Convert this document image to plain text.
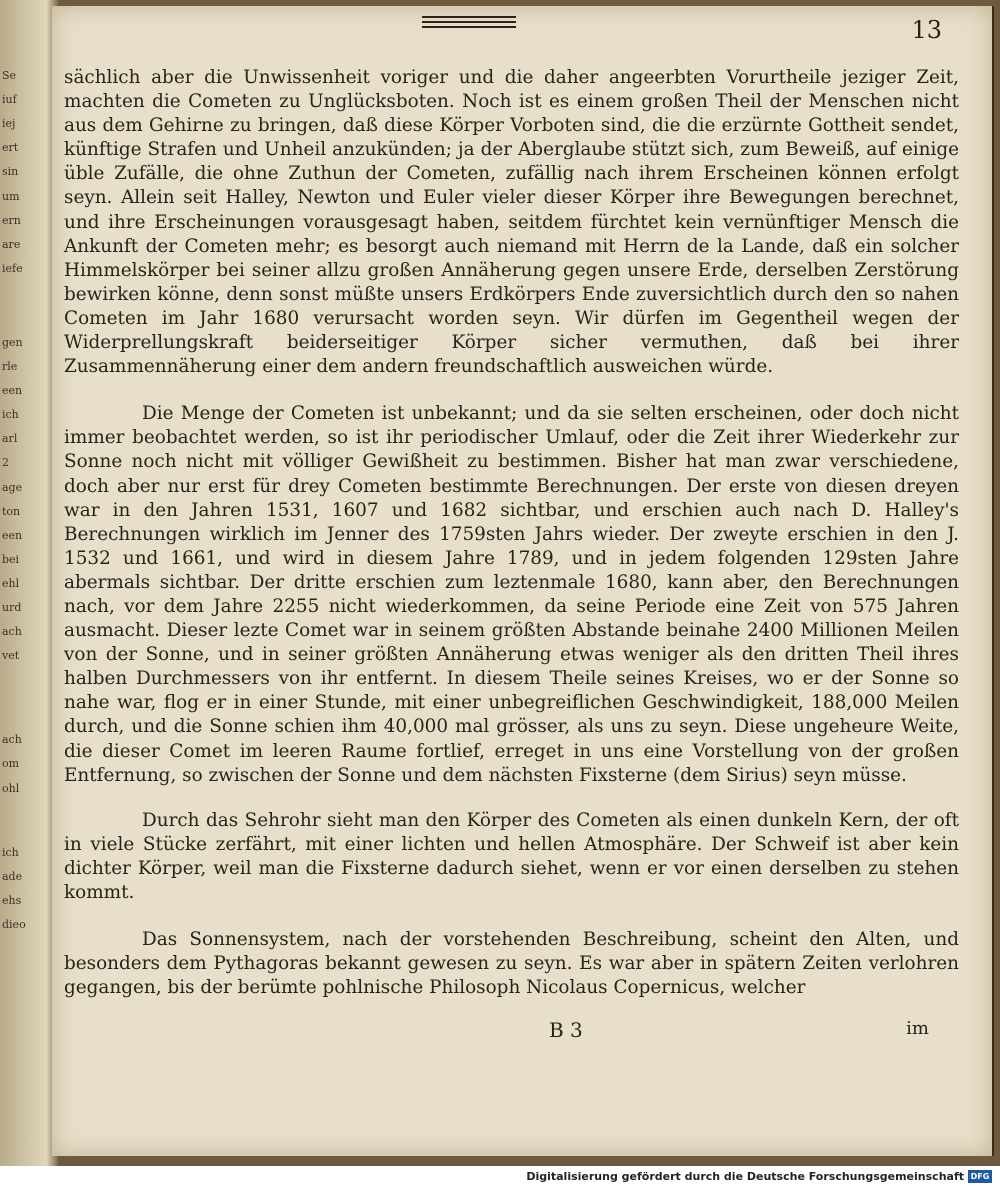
Se
iuf
iej
ert
sin
um
ern
are
iefe
gen
rle
een
ich
arl
2
age
ton
een
bei
ehl
urd
ach
vet
ach
om
ohl
ich
ade
ehs
dieo
13

sächlich aber die Unwissenheit voriger und die daher angeerbten Vorurtheile jeziger Zeit, machten die Cometen zu Unglücksboten. Noch ist es einem großen Theil der Menschen nicht aus dem Gehirne zu bringen, daß diese Körper Vorboten sind, die die erzürnte Gottheit sendet, künftige Strafen und Unheil anzukünden; ja der Aberglaube stützt sich, zum Beweiß, auf einige üble Zufälle, die ohne Zuthun der Cometen, zufällig nach ihrem Erscheinen können erfolgt seyn. Allein seit Halley, Newton und Euler vieler dieser Körper ihre Bewegungen berechnet, und ihre Erscheinungen vorausgesagt haben, seitdem fürchtet kein vernünftiger Mensch die Ankunft der Cometen mehr; es besorgt auch niemand mit Herrn de la Lande, daß ein solcher Himmelskörper bei seiner allzu großen Annäherung gegen unsere Erde, derselben Zerstörung bewirken könne, denn sonst müßte unsers Erdkörpers Ende zuversichtlich durch den so nahen Cometen im Jahr 1680 verursacht worden seyn. Wir dürfen im Gegentheil wegen der Widerprellungskraft beiderseitiger Körper sicher vermuthen, daß bei ihrer Zusammennäherung einer dem andern freundschaftlich ausweichen würde.

Die Menge der Cometen ist unbekannt; und da sie selten erscheinen, oder doch nicht immer beobachtet werden, so ist ihr periodischer Umlauf, oder die Zeit ihrer Wiederkehr zur Sonne noch nicht mit völliger Gewißheit zu bestimmen. Bisher hat man zwar verschiedene, doch aber nur erst für drey Cometen bestimmte Berechnungen. Der erste von diesen dreyen war in den Jahren 1531, 1607 und 1682 sichtbar, und erschien auch nach D. Halley's Berechnungen wirklich im Jenner des 1759sten Jahrs wieder. Der zweyte erschien in den J. 1532 und 1661, und wird in diesem Jahre 1789, und in jedem folgenden 129sten Jahre abermals sichtbar. Der dritte erschien zum leztenmale 1680, kann aber, den Berechnungen nach, vor dem Jahre 2255 nicht wiederkommen, da seine Periode eine Zeit von 575 Jahren ausmacht. Dieser lezte Comet war in seinem größten Abstande beinahe 2400 Millionen Meilen von der Sonne, und in seiner größten Annäherung etwas weniger als den dritten Theil ihres halben Durchmessers von ihr entfernt. In diesem Theile seines Kreises, wo er der Sonne so nahe war, flog er in einer Stunde, mit einer unbegreiflichen Geschwindigkeit, 188,000 Meilen durch, und die Sonne schien ihm 40,000 mal grösser, als uns zu seyn. Diese ungeheure Weite, die dieser Comet im leeren Raume fortlief, erreget in uns eine Vorstellung von der großen Entfernung, so zwischen der Sonne und dem nächsten Fixsterne (dem Sirius) seyn müsse.

Durch das Sehrohr sieht man den Körper des Cometen als einen dunkeln Kern, der oft in viele Stücke zerfährt, mit einer lichten und hellen Atmosphäre. Der Schweif ist aber kein dichter Körper, weil man die Fixsterne dadurch siehet, wenn er vor einen derselben zu stehen kommt.

Das Sonnensystem, nach der vorstehenden Beschreibung, scheint den Alten, und besonders dem Pythagoras bekannt gewesen zu seyn. Es war aber in spätern Zeiten verlohren gegangen, bis der berümte pohlnische Philosoph Nicolaus Copernicus, welcher

B 3	im
Digitalisierung gefördert durch die Deutsche Forschungsgemeinschaft DFG
